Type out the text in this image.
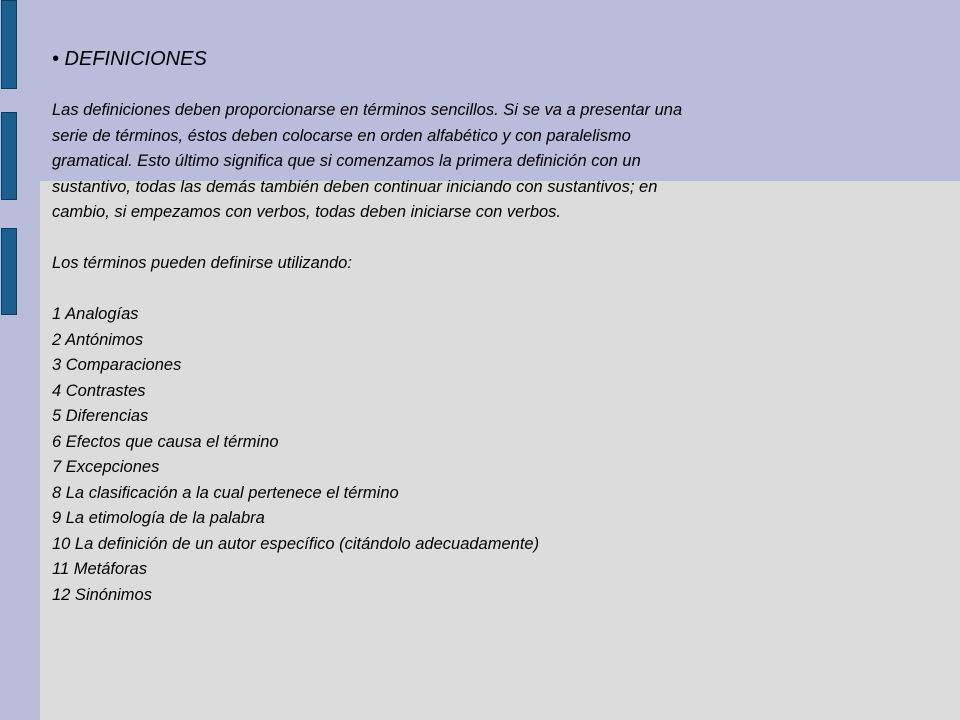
• DEFINICIONES

Las definiciones deben proporcionarse en términos sencillos. Si se va a presentar una
serie de términos, éstos deben colocarse en orden alfabético y con paralelismo
gramatical. Esto último significa que si comenzamos la primera definición con un
sustantivo, todas las demás también deben continuar iniciando con sustantivos; en
cambio, si empezamos con verbos, todas deben iniciarse con verbos.

Los términos pueden definirse utilizando:

1 Analogías
2 Antónimos
3 Comparaciones
4 Contrastes
5 Diferencias
6 Efectos que causa el término
7 Excepciones
8 La clasificación a la cual pertenece el término
9 La etimología de la palabra
10 La definición de un autor específico (citándolo adecuadamente)
11 Metáforas
12 Sinónimos
